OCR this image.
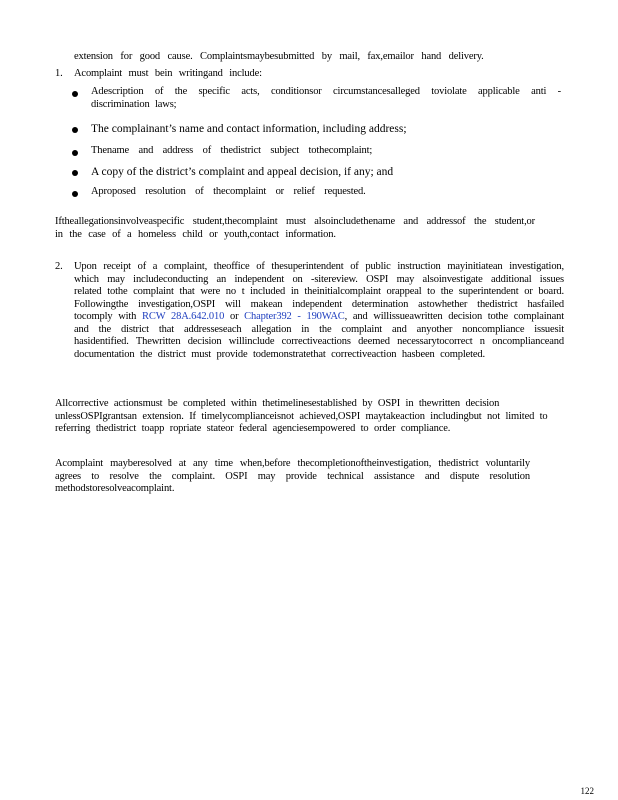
extension for good cause. Complaintsmaybesubmitted by mail, fax,emailor hand delivery.
1. Acomplaint must bein writingand include:
Adescription of the specific acts, conditionsor circumstancesalleged toviolate applicable anti - discrimination laws;
The complainant’s name and contact information, including address;
Thename and address of thedistrict subject tothecomplaint;
A copy of the district’s complaint and appeal decision, if any; and
Aproposed resolution of thecomplaint or relief requested.
Iftheallegationsinvolveaspecific student,thecomplaint must alsoincludethename and addressof the student,or in the case of a homeless child or youth,contact information.
2. Upon receipt of a complaint, theoffice of thesuperintendent of public instruction mayinitiatean investigation, which may includeconducting an independent on -sitereview. OSPI may alsoinvestigate additional issues related tothe complaint that were no t included in theinitialcomplaint orappeal to the superintendent or board. Followingthe investigation,OSPI will makean independent determination astowhether thedistrict hasfailed tocomply with RCW 28A.642.010 or Chapter392 - 190WAC, and willissueawritten decision tothe complainant and the district that addresseseach allegation in the complaint and anyother noncompliance issuesit hasidentified. Thewritten decision willinclude correctiveactions deemed necessarytocorrect n oncomplianceand documentation the district must provide todemonstratethat correctiveaction hasbeen completed.
Allcorrective actionsmust be completed within thetimelinesestablished by OSPI in thewritten decision unlessOSPIgrantsan extension. If timelycomplianceisnot achieved,OSPI maytakeaction includingbut not limited to referring thedistrict toapp ropriate stateor federal agenciesempowered to order compliance.
Acomplaint mayberesolved at any time when,before thecompletionoftheinvestigation, thedistrict voluntarily agrees to resolve the complaint. OSPI may provide technical assistance and dispute resolution methodstoresolveacomplaint.
122
